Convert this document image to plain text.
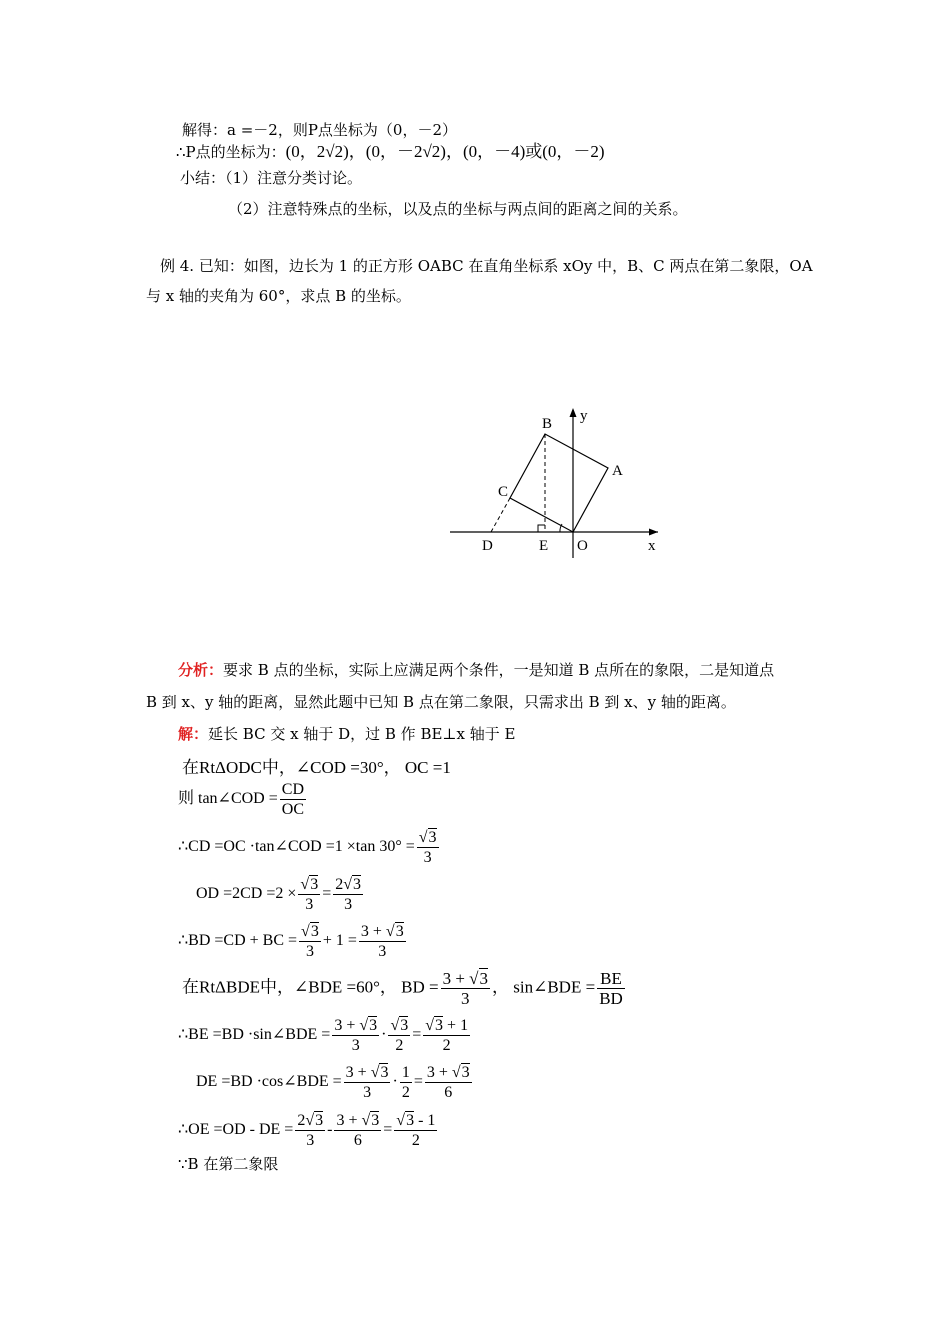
解得：a =－2，则P点坐标为（0，－2）
∴P点的坐标为：(0，2√2)，(0，－2√2)，(0，－4)或(0，－2)
小结：（1）注意分类讨论。
（2）注意特殊点的坐标，以及点的坐标与两点间的距离之间的关系。
例 4. 已知：如图，边长为 1 的正方形 OABC 在直角坐标系 xOy 中，B、C 两点在第二象限，OA
与 x 轴的夹角为 60°，求点 B 的坐标。
B
A
C
D	E O	x
y
分析：要求 B 点的坐标，实际上应满足两个条件，一是知道 B 点所在的象限，二是知道点
B 到 x、y 轴的距离，显然此题中已知 B 点在第二象限，只需求出 B 到 x、y 轴的距离。
解：延长 BC 交 x 轴于 D，过 B 作 BE⊥x 轴于 E
在RtΔODC中，∠COD =30°， OC =1
则 tan∠COD = $\frac{CD}{OC}$
∴CD =OC ·tan∠COD =1 ×tan $30^\circ = \frac{√3}{3}$
OD $=2CD =2 \times \frac{√3}{3} = \frac{2√3}{3}$
∴BD =CD + BC = $\frac{√3}{3} + 1 = \frac{3 + √3}{3}$
在RtΔBDE中，∠BDE =60°， BD = $\frac{3 + √3}{3}$ ， sin∠BDE = $\frac{BE}{BD}$
∴BE =BD ·sin∠BDE = $\frac{3 + √3}{3} \cdot \frac{√3}{2} = \frac{√3 + 1}{2}$
DE =BD ·cos∠BDE = $\frac{3 + √3}{3} \cdot \frac{1}{2} = \frac{3 + √3}{6}$
∴OE =OD - DE = $\frac{2√3}{3} - \frac{3 + √3}{6} = \frac{√3 - 1}{2}$
∵B 在第二象限
